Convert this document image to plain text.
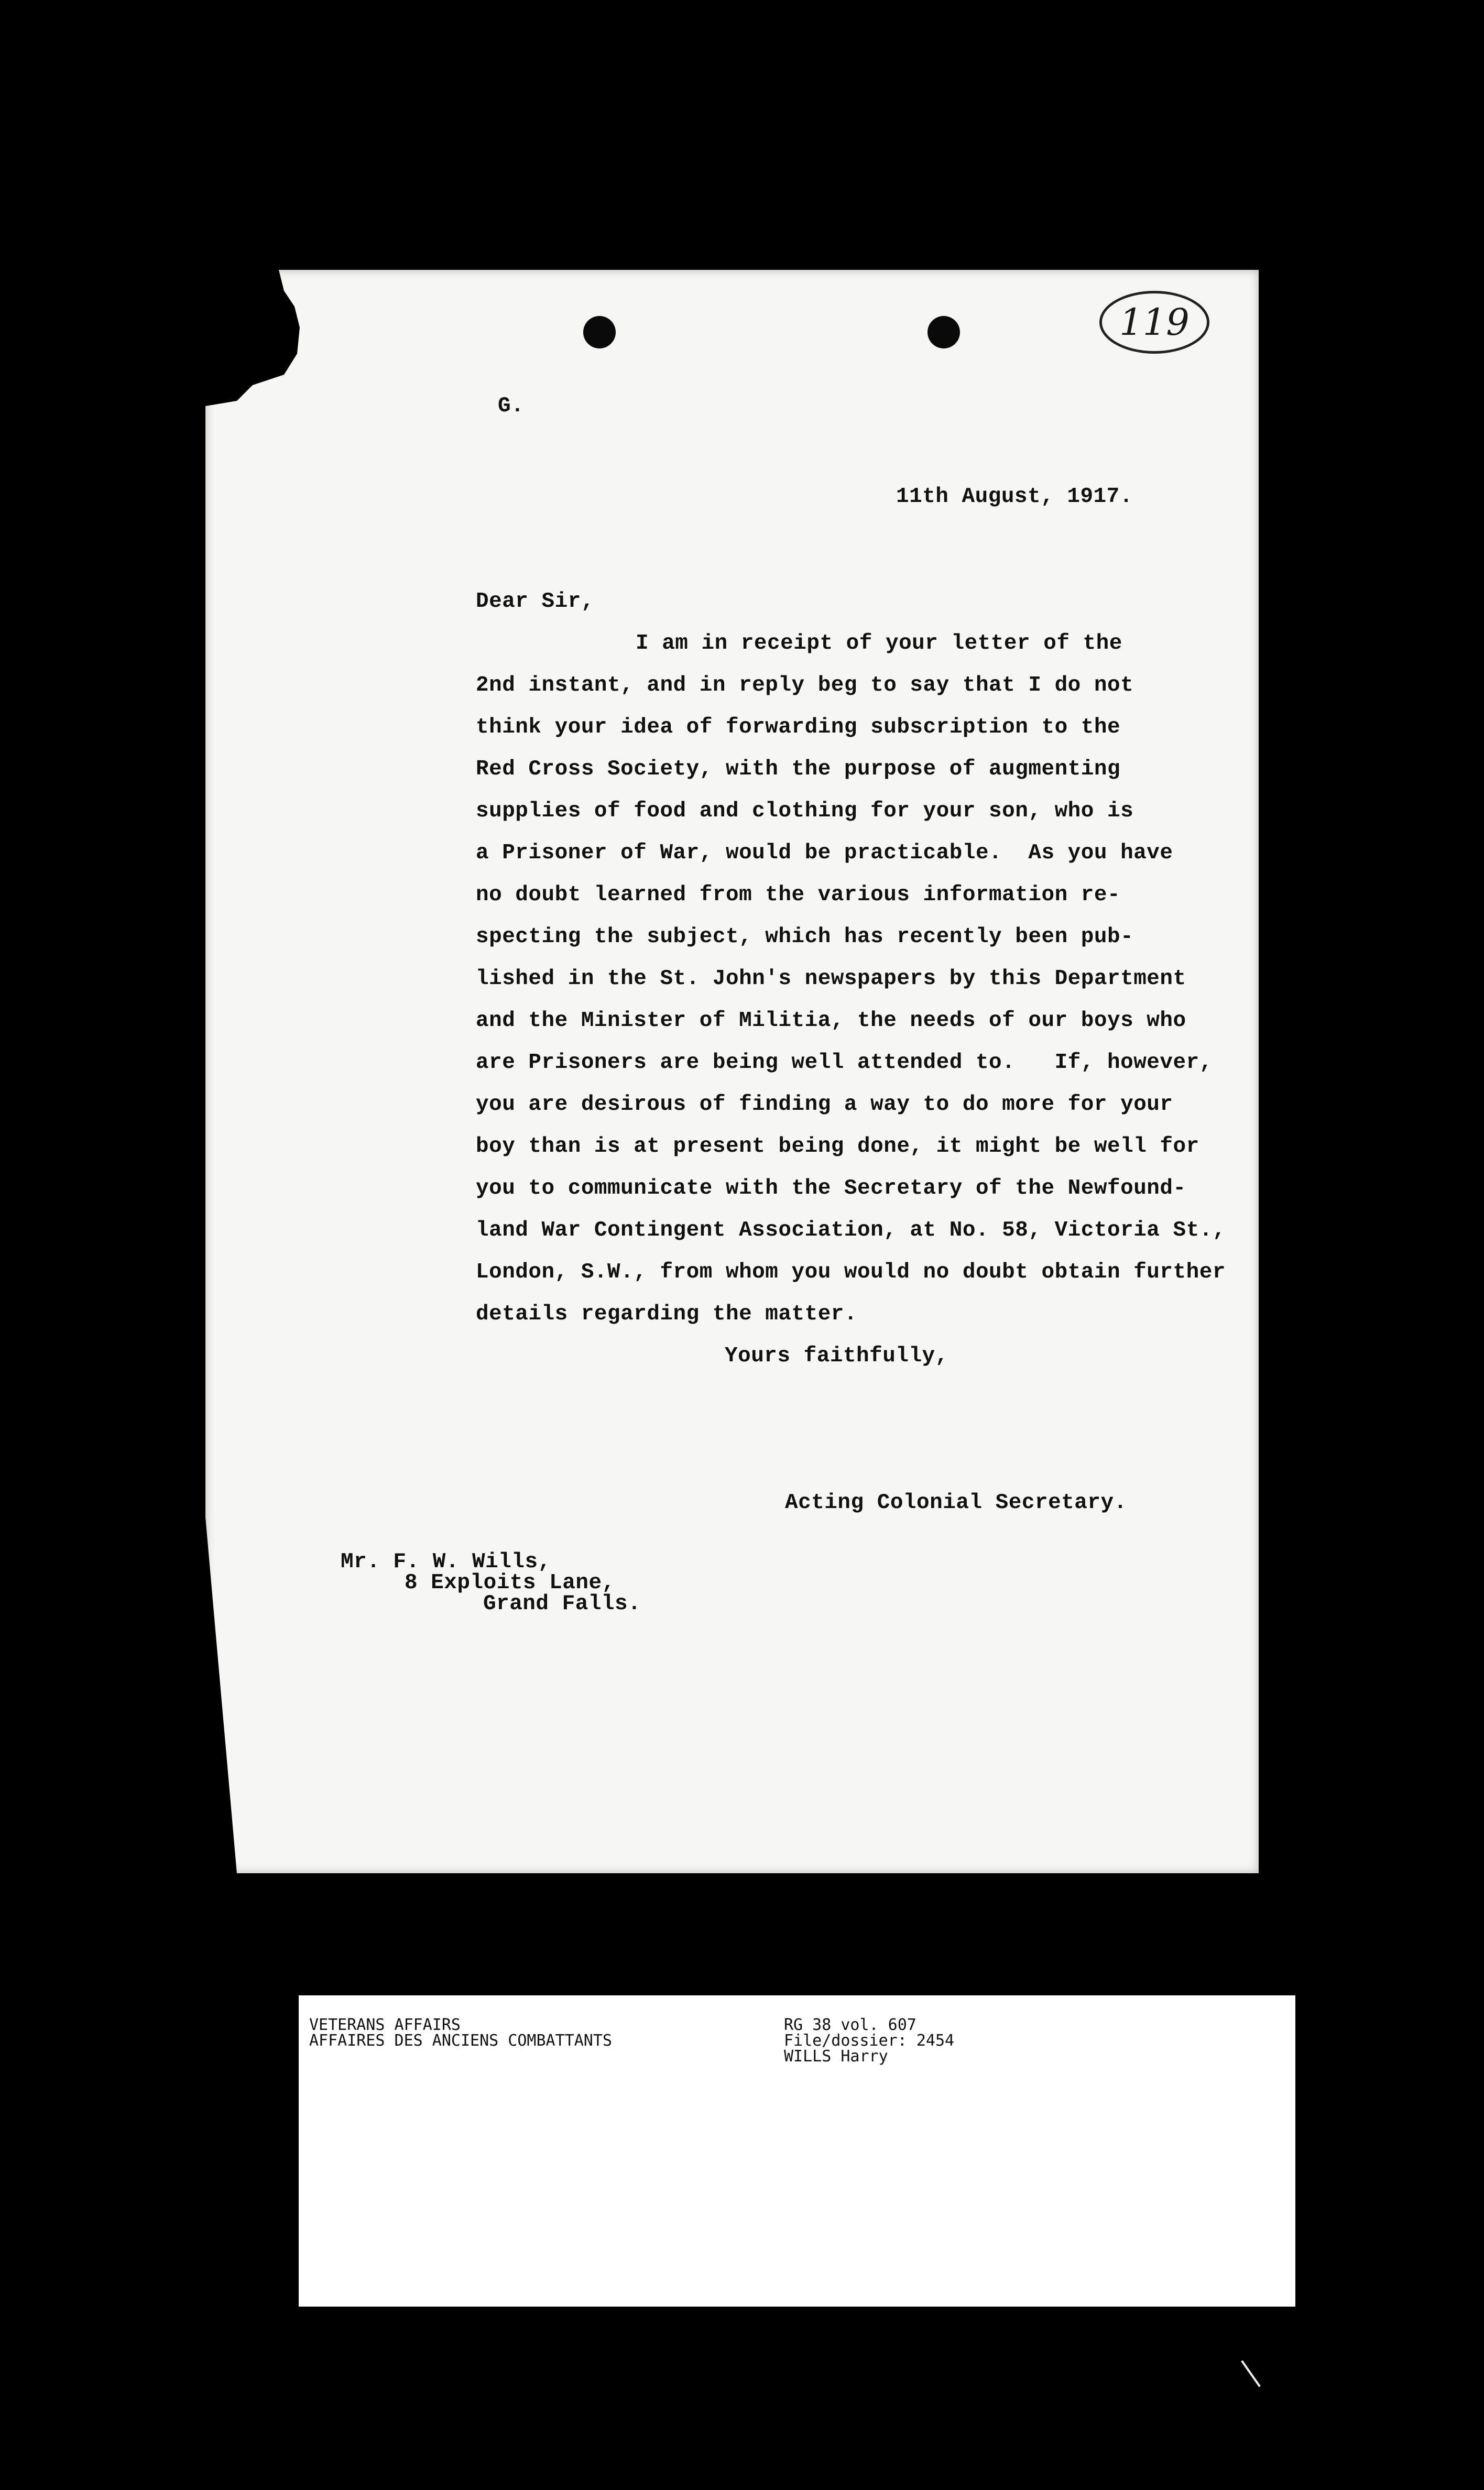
119
G.
11th August, 1917.
Dear Sir,
I am in receipt of your letter of the
2nd instant, and in reply beg to say that I do not
think your idea of forwarding subscription to the
Red Cross Society, with the purpose of augmenting
supplies of food and clothing for your son, who is
a Prisoner of War, would be practicable.  As you have
no doubt learned from the various information re-
specting the subject, which has recently been pub-
lished in the St. John's newspapers by this Department
and the Minister of Militia, the needs of our boys who
are Prisoners are being well attended to.   If, however,
you are desirous of finding a way to do more for your
boy than is at present being done, it might be well for
you to communicate with the Secretary of the Newfound-
land War Contingent Association, at No. 58, Victoria St.,
London, S.W., from whom you would no doubt obtain further
details regarding the matter.
Yours faithfully,
Acting Colonial Secretary.
Mr. F. W. Wills,
8 Exploits Lane,
Grand Falls.
VETERANS AFFAIRS
AFFAIRES DES ANCIENS COMBATTANTS
RG 38 vol. 607
File/dossier: 2454
WILLS Harry
